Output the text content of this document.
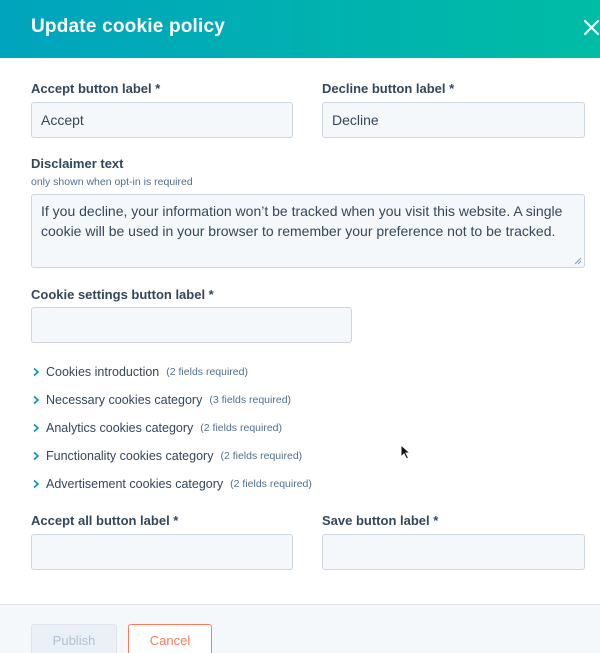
Update cookie policy
Accept button label *	Decline button label *
Accept	Decline
Disclaimer text
only shown when opt-in is required
If you decline, your information won’t be tracked when you visit this website. A single cookie will be used in your browser to remember your preference not to be tracked.
Cookie settings button label *
Cookies introduction (2 fields required)
Necessary cookies category (3 fields required)
Analytics cookies category (2 fields required)
Functionality cookies category (2 fields required)
Advertisement cookies category (2 fields required)
Accept all button label *	Save button label *
Publish	Cancel
